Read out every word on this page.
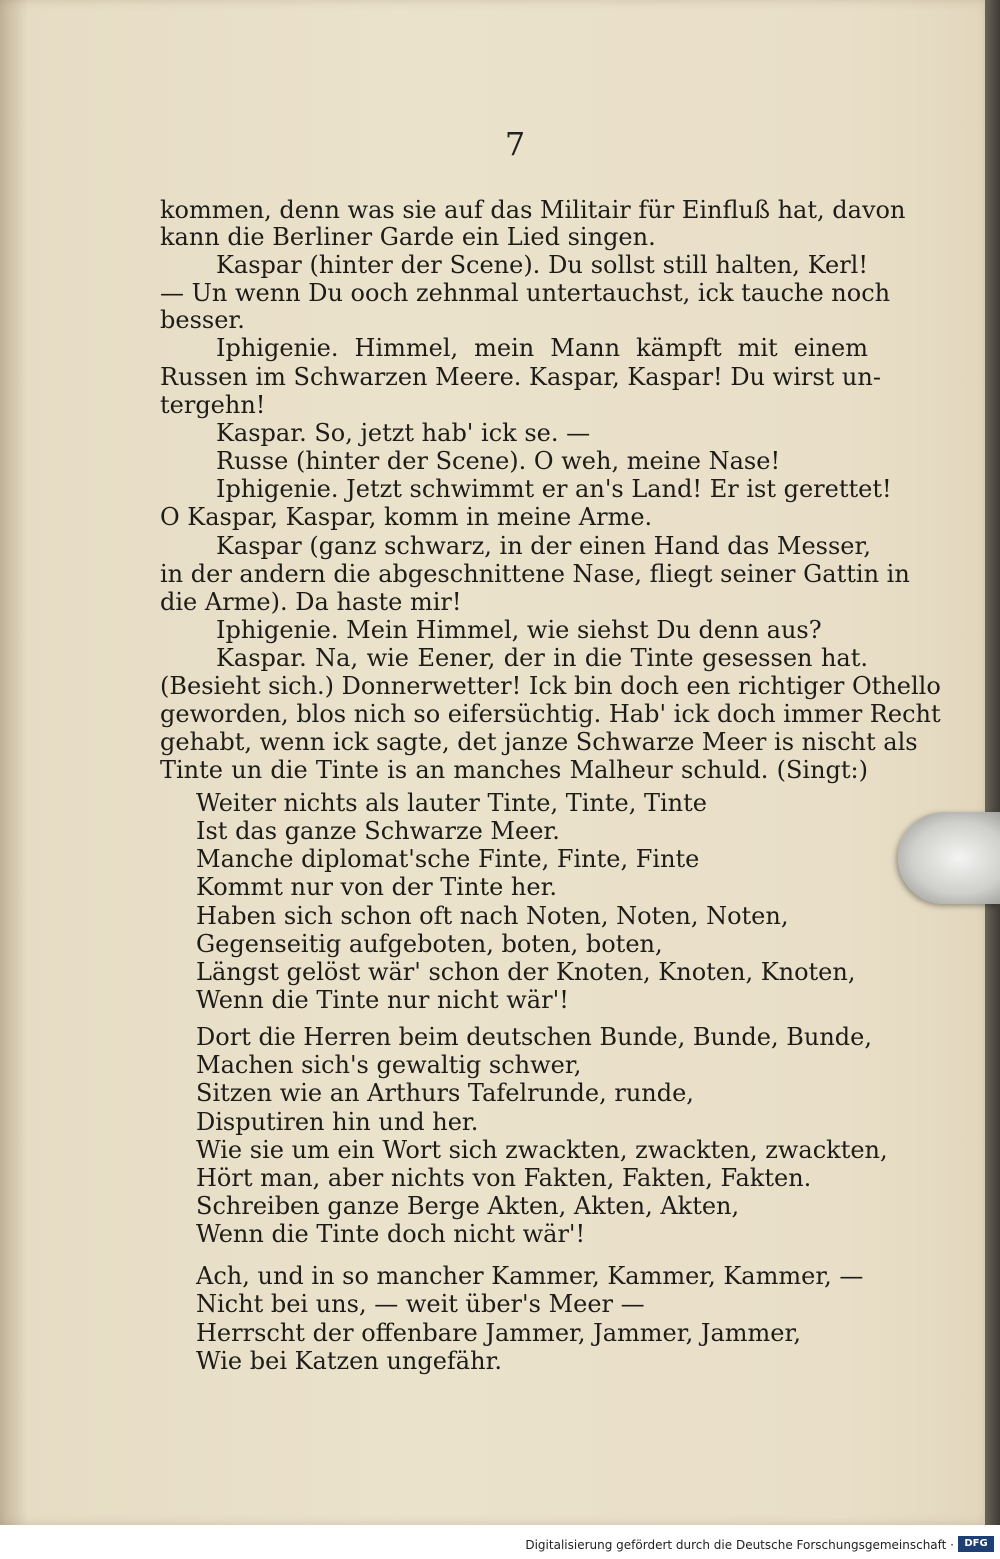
7
kommen, denn was sie auf das Militair für Einfluß hat, davon
kann die Berliner Garde ein Lied singen.
Kaspar (hinter der Scene). Du sollst still halten, Kerl!
— Un wenn Du ooch zehnmal untertauchst, ick tauche noch
besser.
Iphigenie. Himmel, mein Mann kämpft mit einem
Russen im Schwarzen Meere. Kaspar, Kaspar! Du wirst un-
tergehn!
Kaspar. So, jetzt hab' ick se. —
Russe (hinter der Scene). O weh, meine Nase!
Iphigenie. Jetzt schwimmt er an's Land! Er ist gerettet!
O Kaspar, Kaspar, komm in meine Arme.
Kaspar (ganz schwarz, in der einen Hand das Messer,
in der andern die abgeschnittene Nase, fliegt seiner Gattin in
die Arme). Da haste mir!
Iphigenie. Mein Himmel, wie siehst Du denn aus?
Kaspar. Na, wie Eener, der in die Tinte gesessen hat.
(Besieht sich.) Donnerwetter! Ick bin doch een richtiger Othello
geworden, blos nich so eifersüchtig. Hab' ick doch immer Recht
gehabt, wenn ick sagte, det janze Schwarze Meer is nischt als
Tinte un die Tinte is an manches Malheur schuld. (Singt:)
Weiter nichts als lauter Tinte, Tinte, Tinte
Ist das ganze Schwarze Meer.
Manche diplomat'sche Finte, Finte, Finte
Kommt nur von der Tinte her.
Haben sich schon oft nach Noten, Noten, Noten,
Gegenseitig aufgeboten, boten, boten,
Längst gelöst wär' schon der Knoten, Knoten, Knoten,
Wenn die Tinte nur nicht wär'!
Dort die Herren beim deutschen Bunde, Bunde, Bunde,
Machen sich's gewaltig schwer,
Sitzen wie an Arthurs Tafelrunde, runde,
Disputiren hin und her.
Wie sie um ein Wort sich zwackten, zwackten, zwackten,
Hört man, aber nichts von Fakten, Fakten, Fakten.
Schreiben ganze Berge Akten, Akten, Akten,
Wenn die Tinte doch nicht wär'!
Ach, und in so mancher Kammer, Kammer, Kammer, —
Nicht bei uns, — weit über's Meer —
Herrscht der offenbare Jammer, Jammer, Jammer,
Wie bei Katzen ungefähr.
Digitalisierung gefördert durch die Deutsche Forschungsgemeinschaft ·	DFG
